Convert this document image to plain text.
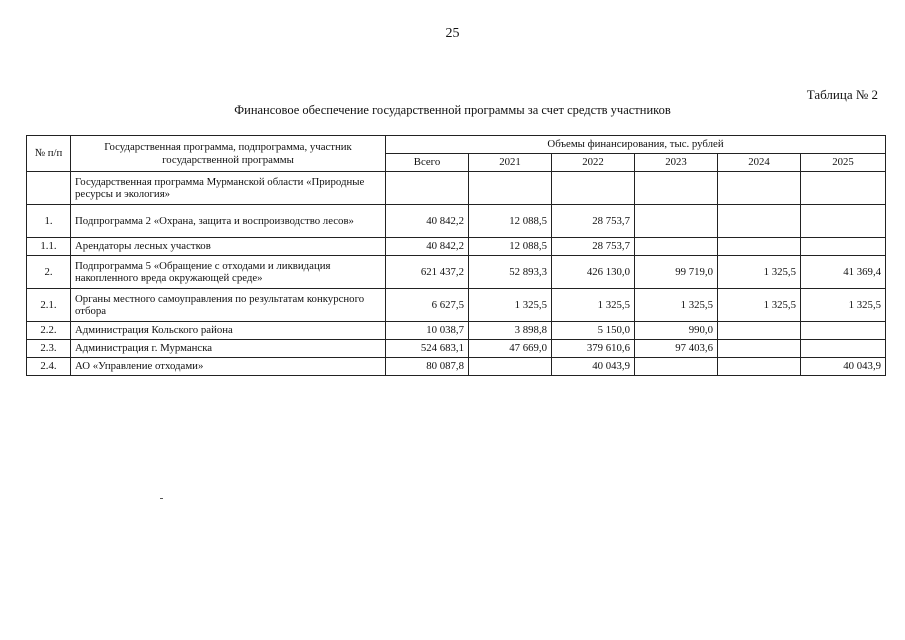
25
Таблица № 2
Финансовое обеспечение государственной программы за счет средств участников
№ п/п	Государственная программа, подпрограмма, участник государственной программы	Объемы финансирования, тыс. рублей					
		Всего	2021	2022	2023	2024	2025
	Государственная программа Мурманской области «Природные ресурсы и экология»						
1.	Подпрограмма 2 «Охрана, защита и воспроизводство лесов»	40 842,2	12 088,5	28 753,7			
1.1.	Арендаторы лесных участков	40 842,2	12 088,5	28 753,7			
2.	Подпрограмма 5 «Обращение с отходами и ликвидация накопленного вреда окружающей среде»	621 437,2	52 893,3	426 130,0	99 719,0	1 325,5	41 369,4
2.1.	Органы местного самоуправления по результатам конкурсного отбора	6 627,5	1 325,5	1 325,5	1 325,5	1 325,5	1 325,5
2.2.	Администрация Кольского района	10 038,7	3 898,8	5 150,0	990,0		
2.3.	Администрация г. Мурманска	524 683,1	47 669,0	379 610,6	97 403,6		
2.4.	АО «Управление отходами»	80 087,8		40 043,9			40 043,9
